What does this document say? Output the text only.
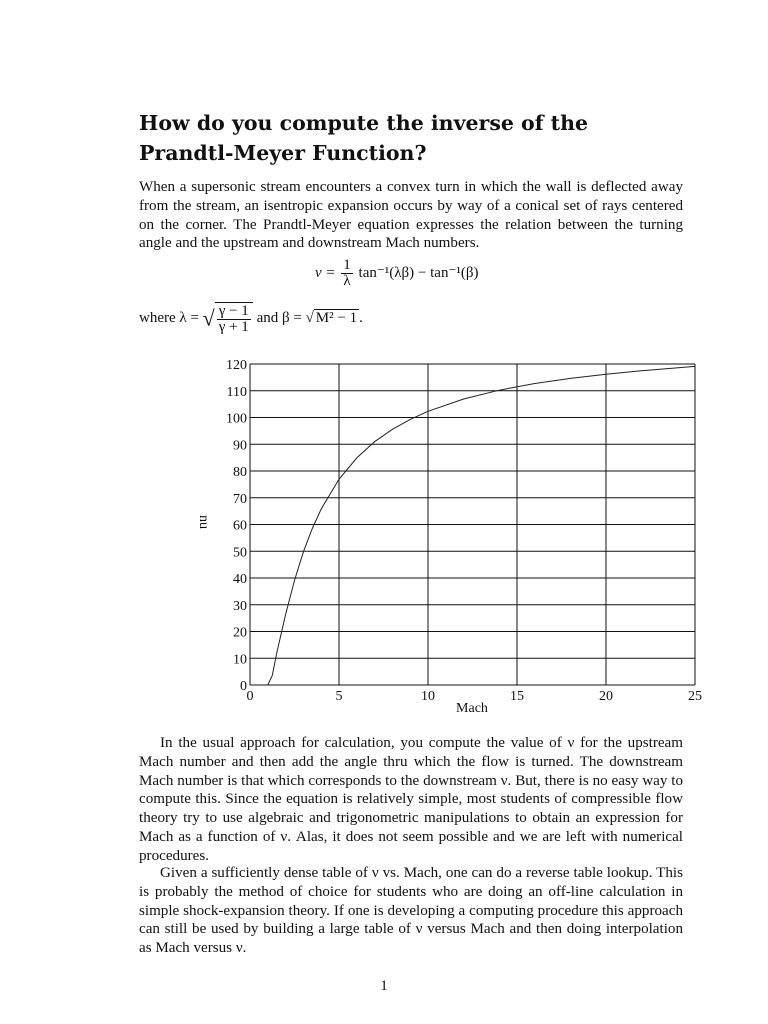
How do you compute the inverse of the Prandtl-Meyer Function?

When a supersonic stream encounters a convex turn in which the wall is deflected away from the stream, an isentropic expansion occurs by way of a conical set of rays centered on the corner. The Prandtl-Meyer equation expresses the relation between the turning angle and the upstream and downstream Mach numbers.

$\nu = \frac{1}{\lambda} \tan^{-1}(\lambda\beta) - \tan^{-1}(\beta)$
where λ = √ $\frac{\gamma - 1}{\gamma + 1}$ and β = √ M² − 1 .

In the usual approach for calculation, you compute the value of ν for the upstream Mach number and then add the angle thru which the flow is turned. The downstream Mach number is that which corresponds to the downstream ν. But, there is no easy way to compute this. Since the equation is relatively simple, most students of compressible flow theory try to use algebraic and trigonometric manipulations to obtain an expression for Mach as a function of ν. Alas, it does not seem possible and we are left with numerical procedures.

Given a sufficiently dense table of ν vs. Mach, one can do a reverse table lookup. This is probably the method of choice for students who are doing an off-line calculation in simple shock-expansion theory. If one is developing a computing procedure this approach can still be used by building a large table of ν versus Mach and then doing interpolation as Mach versus ν.

0
10
20
30
40
50
60
70
80
90
100
110
120
0	5	10	15	20	25
nu
Mach
1
